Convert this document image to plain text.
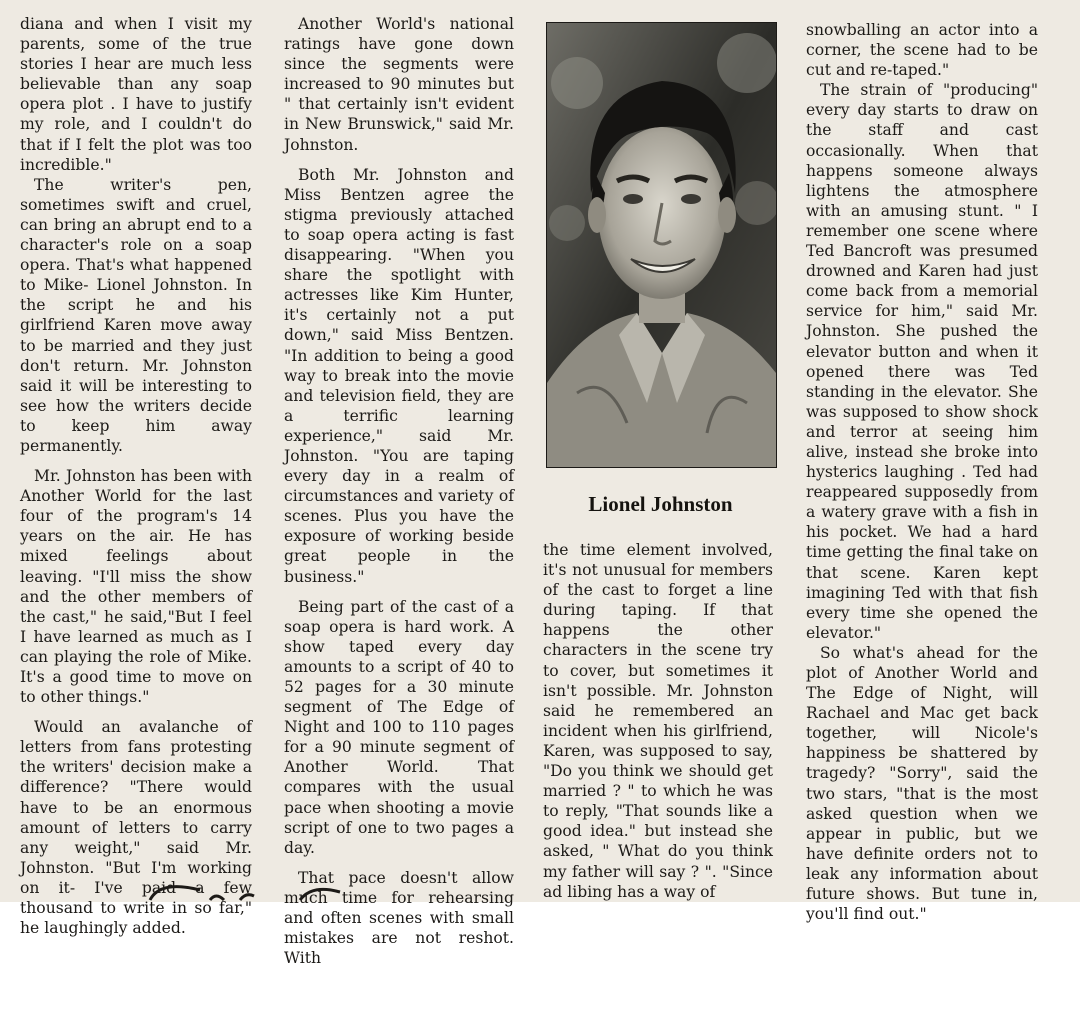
diana and when I visit my parents, some of the true stories I hear are much less believable than any soap opera plot . I have to justify my role, and I couldn't do that if I felt the plot was too incredible."

The writer's pen, sometimes swift and cruel, can bring an abrupt end to a character's role on a soap opera. That's what happened to Mike- Lionel Johnston. In the script he and his girlfriend Karen move away to be married and they just don't return. Mr. Johnston said it will be interesting to see how the writers decide to keep him away permanently.

Mr. Johnston has been with Another World for the last four of the program's 14 years on the air. He has mixed feelings about leaving. "I'll miss the show and the other members of the cast," he said,"But I feel I have learned as much as I can playing the role of Mike. It's a good time to move on to other things."

Would an avalanche of letters from fans protesting the writers' decision make a difference? "There would have to be an enormous amount of letters to carry any weight," said Mr. Johnston. "But I'm working on it- I've paid a few thousand to write in so far," he laughingly added.

Another World's national ratings have gone down since the segments were increased to 90 minutes but " that certainly isn't evident in New Brunswick," said Mr. Johnston.

Both Mr. Johnston and Miss Bentzen agree the stigma previously attached to soap opera acting is fast disappearing. "When you share the spotlight with actresses like Kim Hunter, it's certainly not a put down," said Miss Bentzen. "In addition to being a good way to break into the movie and television field, they are a terrific learning experience," said Mr. Johnston. "You are taping every day in a realm of circumstances and variety of scenes. Plus you have the exposure of working beside great people in the business."

Being part of the cast of a soap opera is hard work. A show taped every day amounts to a script of 40 to 52 pages for a 30 minute segment of The Edge of Night and 100 to 110 pages for a 90 minute segment of Another World. That compares with the usual pace when shooting a movie script of one to two pages a day.

That pace doesn't allow much time for rehearsing and often scenes with small mistakes are not reshot. With

Lionel Johnston

the time element involved, it's not unusual for members of the cast to forget a line during taping. If that happens the other characters in the scene try to cover, but sometimes it isn't possible. Mr. Johnston said he remembered an incident when his girlfriend, Karen, was supposed to say, "Do you think we should get married ? " to which he was to reply, "That sounds like a good idea." but instead she asked, " What do you think my father will say ? ". "Since ad libing has a way of

snowballing an actor into a corner, the scene had to be cut and re-taped."

The strain of "producing" every day starts to draw on the staff and cast occasionally. When that happens someone always lightens the atmosphere with an amusing stunt. " I remember one scene where Ted Bancroft was presumed drowned and Karen had just come back from a memorial service for him," said Mr. Johnston. She pushed the elevator button and when it opened there was Ted standing in the elevator. She was supposed to show shock and terror at seeing him alive, instead she broke into hysterics laughing . Ted had reappeared supposedly from a watery grave with a fish in his pocket. We had a hard time getting the final take on that scene. Karen kept imagining Ted with that fish every time she opened the elevator."

So what's ahead for the plot of Another World and The Edge of Night, will Rachael and Mac get back together, will Nicole's happiness be shattered by tragedy? "Sorry", said the two stars, "that is the most asked question when we appear in public, but we have definite orders not to leak any information about future shows. But tune in, you'll find out."
